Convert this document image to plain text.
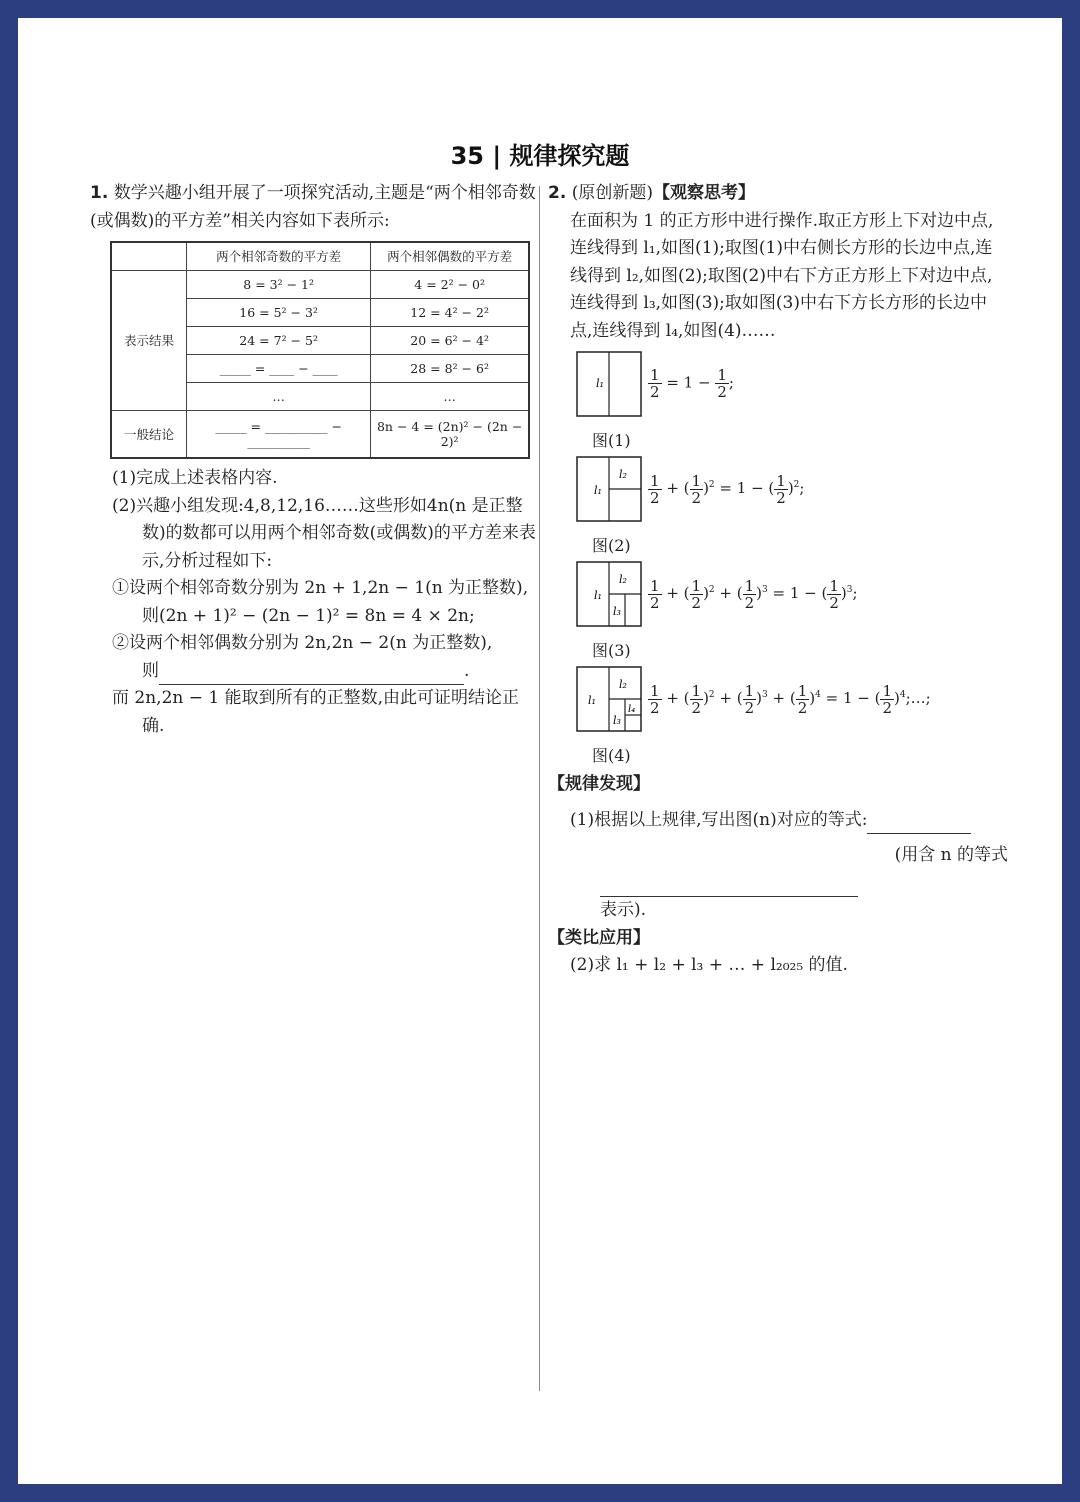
35 | 规律探究题
1. 数学兴趣小组开展了一项探究活动,主题是“两个相邻奇数(或偶数)的平方差”相关内容如下表所示:
	两个相邻奇数的平方差	两个相邻偶数的平方差
表示结果	8 = 3² − 1²	4 = 2² − 0²
	16 = 5² − 3²	12 = 4² − 2²
	24 = 7² − 5²	20 = 6² − 4²
	_____ = ____ − ____	28 = 8² − 6²
	…	…
一般结论	_____ = __________ − __________	8n − 4 = (2n)² − (2n − 2)²
(1)完成上述表格内容.
(2)兴趣小组发现:4,8,12,16……这些形如4n(n 是正整数)的数都可以用两个相邻奇数(或偶数)的平方差来表示,分析过程如下:
①设两个相邻奇数分别为 2n + 1,2n − 1(n 为正整数),
则(2n + 1)² − (2n − 1)² = 8n = 4 × 2n;
②设两个相邻偶数分别为 2n,2n − 2(n 为正整数),
则	.
而 2n,2n − 1 能取到所有的正整数,由此可证明结论正确.
2. (原创新题)【观察思考】
在面积为 1 的正方形中进行操作.取正方形上下对边中点,连线得到 l₁,如图(1);取图(1)中右侧长方形的长边中点,连线得到 l₂,如图(2);取图(2)中右下方正方形上下对边中点,连线得到 l₃,如图(3);取如图(3)中右下方长方形的长边中点,连线得到 l₄,如图(4)……
l₁	$\frac{1}{2} = 1 - \frac{1}{2}$ ;
图(1)
l₁
$l_2 \frac{1}{2}$ + ( $\frac{1}{2} )^2 = 1$ − ( $\frac{1}{2} )^2$;
图(2)
l₁
l₂
l₃
$\frac{1}{2}$ + ( $\frac{1}{2} )^2$ + ( $\frac{1}{2} )^3 = 1$ − ( $\frac{1}{2} )^3$;
图(3)
l₁
l₂
l₃
$l_4 \frac{1}{2}$ + ( $\frac{1}{2} )^2$ + ( $\frac{1}{2} )^3$ + ( $\frac{1}{2} )^4 = 1$ − ( $\frac{1}{2}$ )$^4$;…;
图(4)
【规律发现】
(1)根据以上规律,写出图(n)对应的等式:
(用含 n 的等式
表示).
【类比应用】
(2)求 l₁ + l₂ + l₃ + … + l₂₀₂₅ 的值.
